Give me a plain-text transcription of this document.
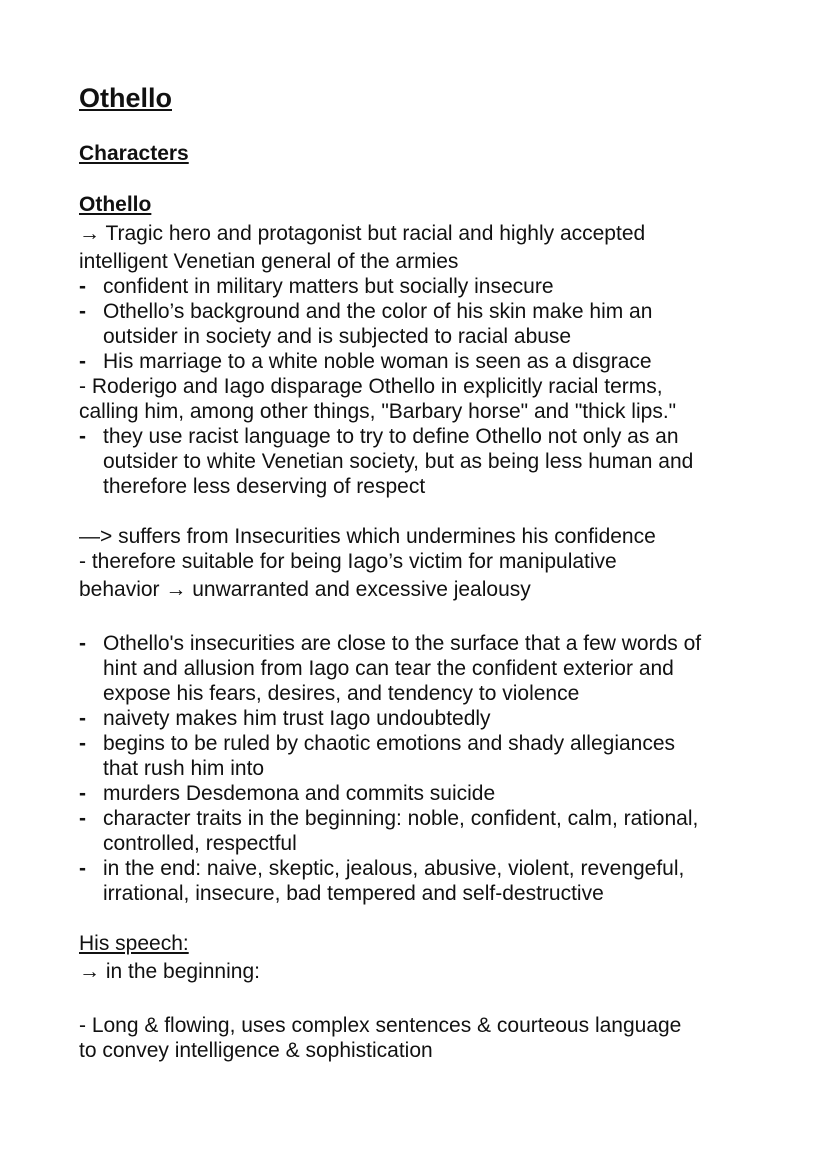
Othello

Characters

Othello

→ Tragic hero and protagonist but racial and highly accepted

intelligent Venetian general of the armies

- confident in military matters but socially insecure
- Othello’s background and the color of his skin make him an
outsider in society and is subjected to racial abuse
- His marriage to a white noble woman is seen as a disgrace

- Roderigo and Iago disparage Othello in explicitly racial terms,

calling him, among other things, "Barbary horse" and "thick lips."

- they use racist language to try to define Othello not only as an
outsider to white Venetian society, but as being less human and
therefore less deserving of respect

—> suffers from Insecurities which undermines his confidence

- therefore suitable for being Iago’s victim for manipulative

behavior → unwarranted and excessive jealousy

- Othello's insecurities are close to the surface that a few words of
hint and allusion from Iago can tear the confident exterior and
expose his fears, desires, and tendency to violence
- naivety makes him trust Iago undoubtedly
- begins to be ruled by chaotic emotions and shady allegiances
that rush him into
- murders Desdemona and commits suicide
- character traits in the beginning: noble, confident, calm, rational,
controlled, respectful
- in the end: naive, skeptic, jealous, abusive, violent, revengeful,
irrational, insecure, bad tempered and self-destructive

His speech:

→ in the beginning:

- Long & flowing, uses complex sentences & courteous language

to convey intelligence & sophistication
